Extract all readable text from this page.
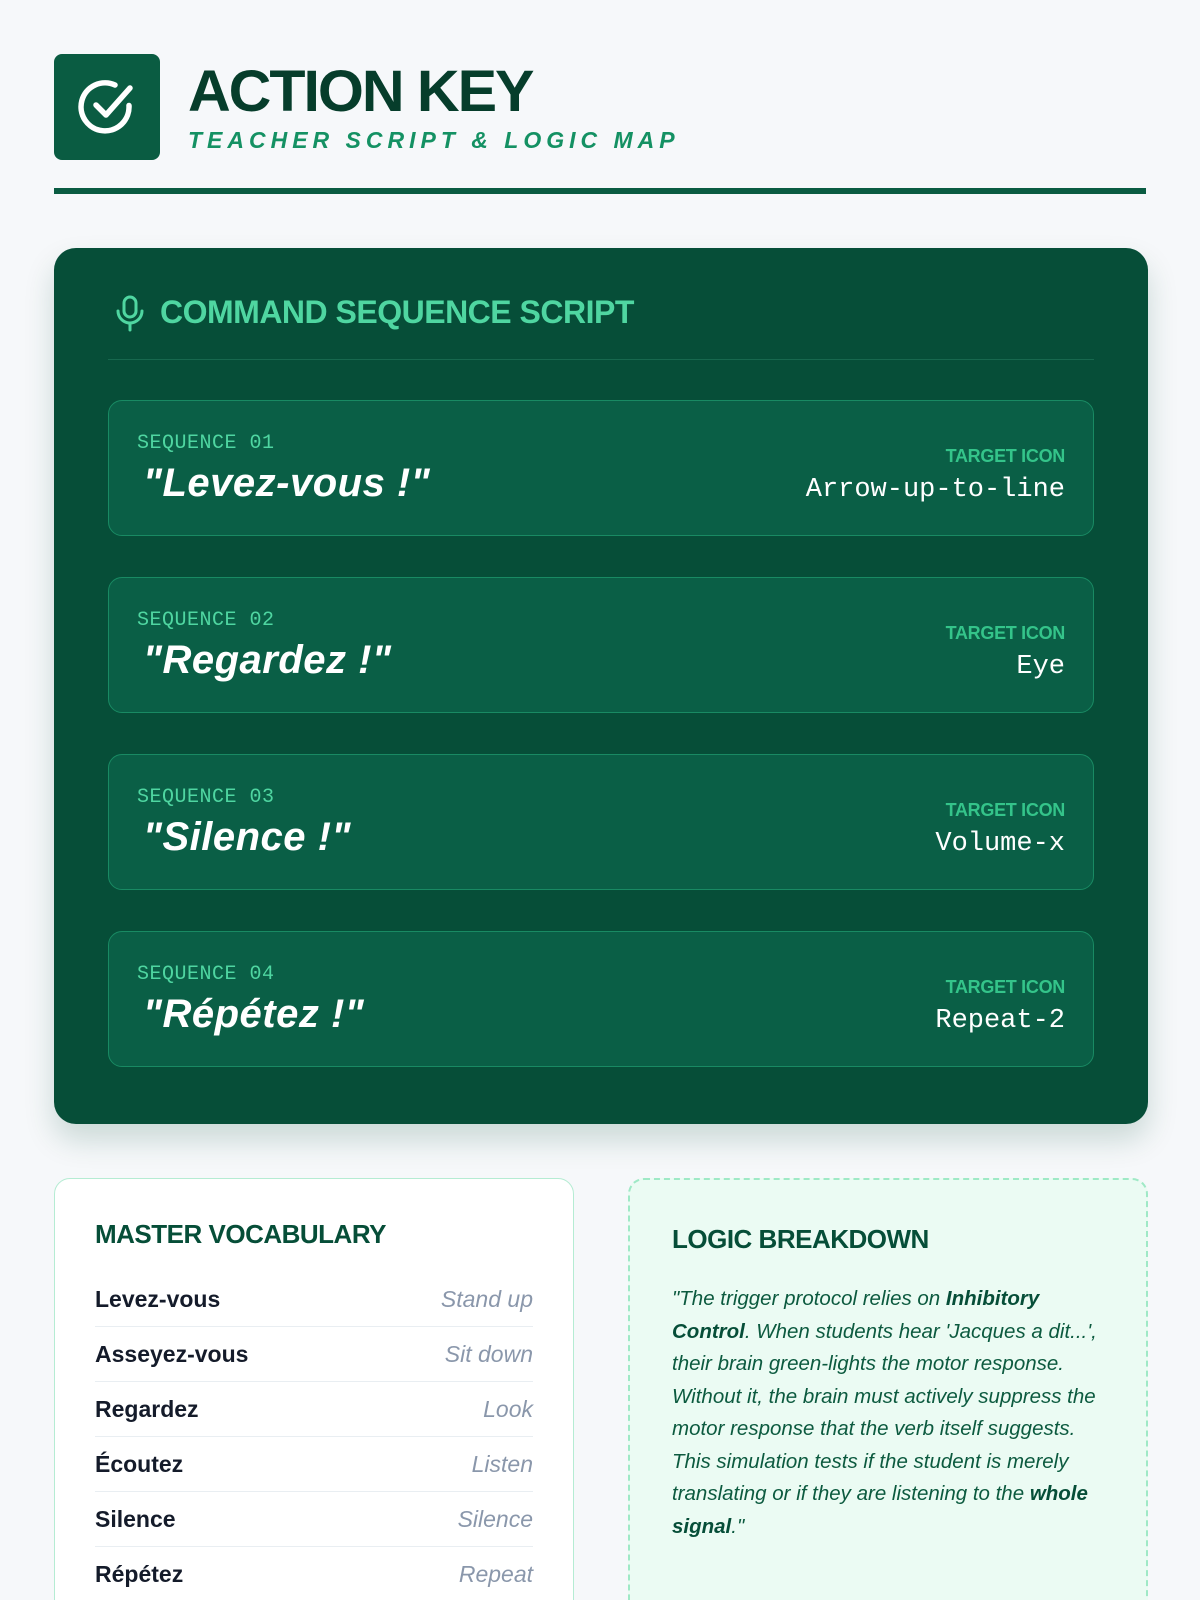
ACTION KEY
TEACHER SCRIPT & LOGIC MAP
COMMAND SEQUENCE SCRIPT
SEQUENCE 01
"Levez-vous !"
TARGET ICON
Arrow-up-to-line
SEQUENCE 02
"Regardez !"
TARGET ICON
Eye
SEQUENCE 03
"Silence !"
TARGET ICON
Volume-x
SEQUENCE 04
"Répétez !"
TARGET ICON
Repeat-2
MASTER VOCABULARY
Levez-vous	Stand up
Asseyez-vous	Sit down
Regardez	Look
Écoutez	Listen
Silence	Silence
Répétez	Repeat
LOGIC BREAKDOWN

"The trigger protocol relies on Inhibitory Control. When students hear 'Jacques a dit...', their brain green-lights the motor response. Without it, the brain must actively suppress the motor response that the verb itself suggests. This simulation tests if the student is merely translating or if they are listening to the whole signal."
